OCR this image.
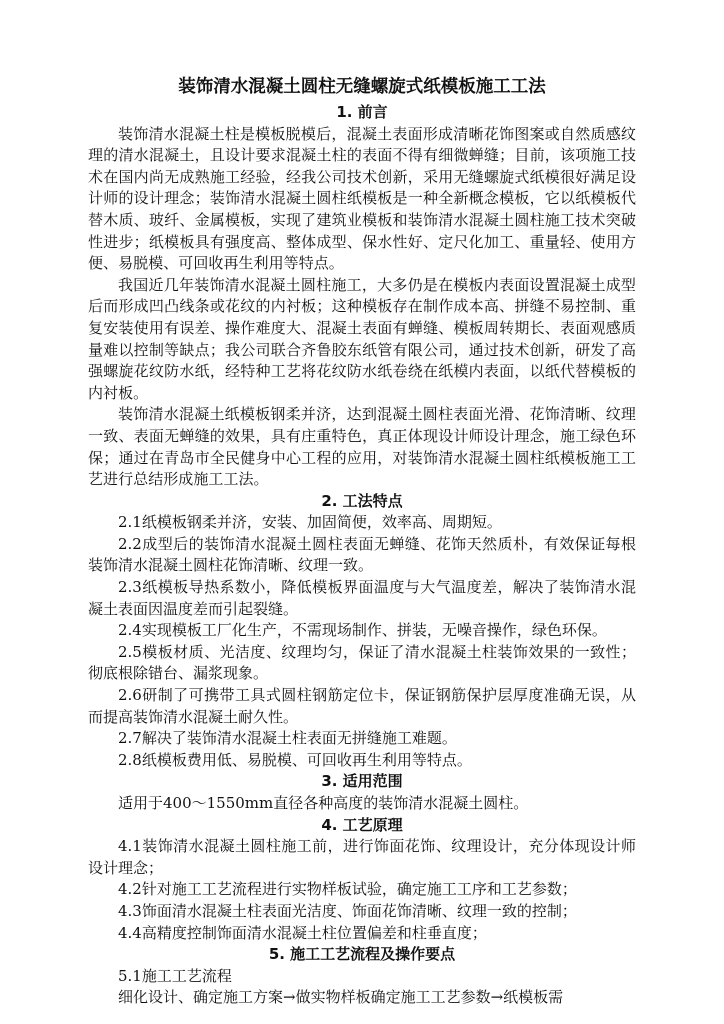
装饰清水混凝土圆柱无缝螺旋式纸模板施工工法
1. 前言

装饰清水混凝土柱是模板脱模后，混凝土表面形成清晰花饰图案或自然质感纹理的清水混凝土，且设计要求混凝土柱的表面不得有细微蝉缝；目前，该项施工技术在国内尚无成熟施工经验，经我公司技术创新，采用无缝螺旋式纸模很好满足设计师的设计理念；装饰清水混凝土圆柱纸模板是一种全新概念模板，它以纸模板代替木质、玻纤、金属模板，实现了建筑业模板和装饰清水混凝土圆柱施工技术突破性进步；纸模板具有强度高、整体成型、保水性好、定尺化加工、重量轻、使用方便、易脱模、可回收再生利用等特点。

我国近几年装饰清水混凝土圆柱施工，大多仍是在模板内表面设置混凝土成型后而形成凹凸线条或花纹的内衬板；这种模板存在制作成本高、拼缝不易控制、重复安装使用有误差、操作难度大、混凝土表面有蝉缝、模板周转期长、表面观感质量难以控制等缺点；我公司联合齐鲁胶东纸管有限公司，通过技术创新，研发了高强螺旋花纹防水纸，经特种工艺将花纹防水纸卷绕在纸模内表面，以纸代替模板的内衬板。

装饰清水混凝土纸模板钢柔并济，达到混凝土圆柱表面光滑、花饰清晰、纹理一致、表面无蝉缝的效果，具有庄重特色，真正体现设计师设计理念，施工绿色环保；通过在青岛市全民健身中心工程的应用，对装饰清水混凝土圆柱纸模板施工工艺进行总结形成施工工法。

2. 工法特点

2.1纸模板钢柔并济，安装、加固简便，效率高、周期短。

2.2成型后的装饰清水混凝土圆柱表面无蝉缝、花饰天然质朴，有效保证每根装饰清水混凝土圆柱花饰清晰、纹理一致。

2.3纸模板导热系数小，降低模板界面温度与大气温度差，解决了装饰清水混凝土表面因温度差而引起裂缝。

2.4实现模板工厂化生产，不需现场制作、拼装，无噪音操作，绿色环保。

2.5模板材质、光洁度、纹理均匀，保证了清水混凝土柱装饰效果的一致性；彻底根除错台、漏浆现象。

2.6研制了可携带工具式圆柱钢筋定位卡，保证钢筋保护层厚度准确无误，从而提高装饰清水混凝土耐久性。

2.7解决了装饰清水混凝土柱表面无拼缝施工难题。

2.8纸模板费用低、易脱模、可回收再生利用等特点。

3. 适用范围

适用于400～1550mm直径各种高度的装饰清水混凝土圆柱。

4. 工艺原理

4.1装饰清水混凝土圆柱施工前，进行饰面花饰、纹理设计，充分体现设计师设计理念；

4.2针对施工工艺流程进行实物样板试验，确定施工工序和工艺参数；

4.3饰面清水混凝土柱表面光洁度、饰面花饰清晰、纹理一致的控制；

4.4高精度控制饰面清水混凝土柱位置偏差和柱垂直度；

5. 施工工艺流程及操作要点

5.1施工工艺流程

细化设计、确定施工方案→做实物样板确定施工工艺参数→纸模板需
